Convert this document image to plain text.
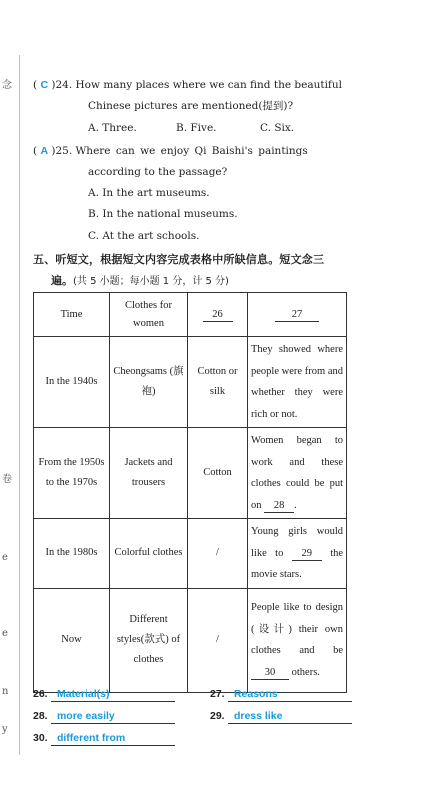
念
卷
e
e
n
y
( C )24. How many places where we can find the beautiful
Chinese pictures are mentioned(提到)?
A. Three.	B. Five.	C. Six.
( A )25. Where can we enjoy Qi Baishi's paintings
according to the passage?
A. In the art museums.
B. In the national museums.
C. At the art schools.
五、听短文，根据短文内容完成表格中所缺信息。短文念三
遍。(共 5 小题；每小题 1 分，计 5 分)
Time	Clothes for women	26	27
In the 1940s	Cheongsams (旗袍)	Cotton or silk	They showed where people were from and whether they were rich or not.
From the 1950s to the 1970s	Jackets and trousers	Cotton	Women began to work and these clothes could be put on 28 .
In the 1980s	Colorful clothes	/	Young girls would like to 29 the movie stars.
Now	Different styles(款式) of clothes	/	People like to design (设计) their own clothes and be 30 others.
26. Material(s)	27. Reasons
28. more easily	29. dress like
30. different from
